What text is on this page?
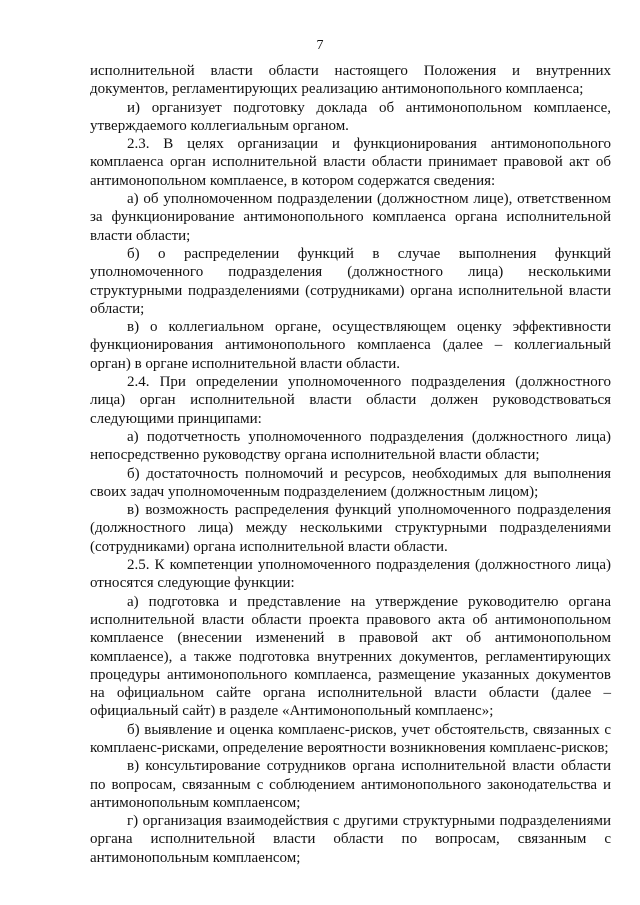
7

исполнительной власти области настоящего Положения и внутренних документов, регламентирующих реализацию антимонопольного комплаенса;

и) организует подготовку доклада об антимонопольном комплаенсе, утверждаемого коллегиальным органом.

2.3. В целях организации и функционирования антимонопольного комплаенса орган исполнительной власти области принимает правовой акт об антимонопольном комплаенсе, в котором содержатся сведения:

а) об уполномоченном подразделении (должностном лице), ответственном за функционирование антимонопольного комплаенса органа исполнительной власти области;

б) о распределении функций в случае выполнения функций уполномоченного подразделения (должностного лица) несколькими структурными подразделениями (сотрудниками) органа исполнительной власти области;

в) о коллегиальном органе, осуществляющем оценку эффективности функционирования антимонопольного комплаенса (далее – коллегиальный орган) в органе исполнительной власти области.

2.4. При определении уполномоченного подразделения (должностного лица) орган исполнительной власти области должен руководствоваться следующими принципами:

а) подотчетность уполномоченного подразделения (должностного лица) непосредственно руководству органа исполнительной власти области;

б) достаточность полномочий и ресурсов, необходимых для выполнения своих задач уполномоченным подразделением (должностным лицом);

в) возможность распределения функций уполномоченного подразделения (должностного лица) между несколькими структурными подразделениями (сотрудниками) органа исполнительной власти области.

2.5. К компетенции уполномоченного подразделения (должностного лица) относятся следующие функции:

а) подготовка и представление на утверждение руководителю органа исполнительной власти области проекта правового акта об антимонопольном комплаенсе (внесении изменений в правовой акт об антимонопольном комплаенсе), а также подготовка внутренних документов, регламентирующих процедуры антимонопольного комплаенса, размещение указанных документов на официальном сайте органа исполнительной власти области (далее – официальный сайт) в разделе «Антимонопольный комплаенс»;

б) выявление и оценка комплаенс-рисков, учет обстоятельств, связанных с комплаенс-рисками, определение вероятности возникновения комплаенс-рисков;

в) консультирование сотрудников органа исполнительной власти области по вопросам, связанным с соблюдением антимонопольного законодательства и антимонопольным комплаенсом;

г) организация взаимодействия с другими структурными подразделениями органа исполнительной власти области по вопросам, связанным с антимонопольным комплаенсом;
